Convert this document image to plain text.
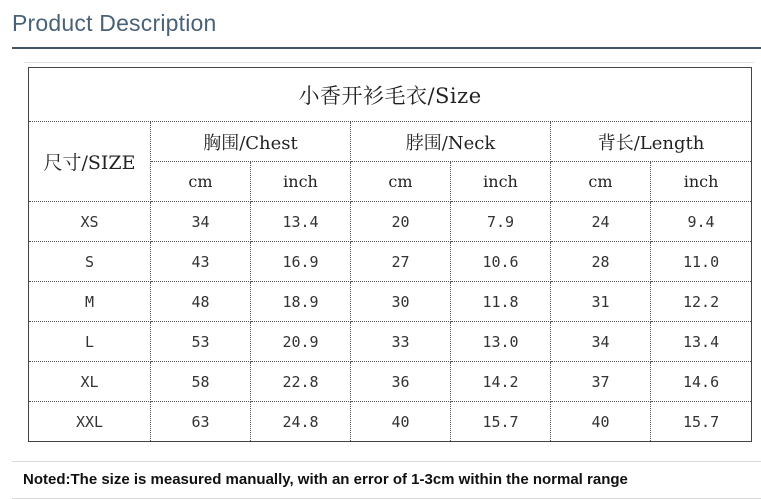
Product Description
小香开衫毛衣/Size						
尺寸/SIZE	胸围/Chest		脖围/Neck		背长/Length	
	cm	inch	cm	inch	cm	inch
XS	34	13.4	20	7.9	24	9.4
S	43	16.9	27	10.6	28	11.0
M	48	18.9	30	11.8	31	12.2
L	53	20.9	33	13.0	34	13.4
XL	58	22.8	36	14.2	37	14.6
XXL	63	24.8	40	15.7	40	15.7
Noted:The size is measured manually, with an error of 1-3cm within the normal range
